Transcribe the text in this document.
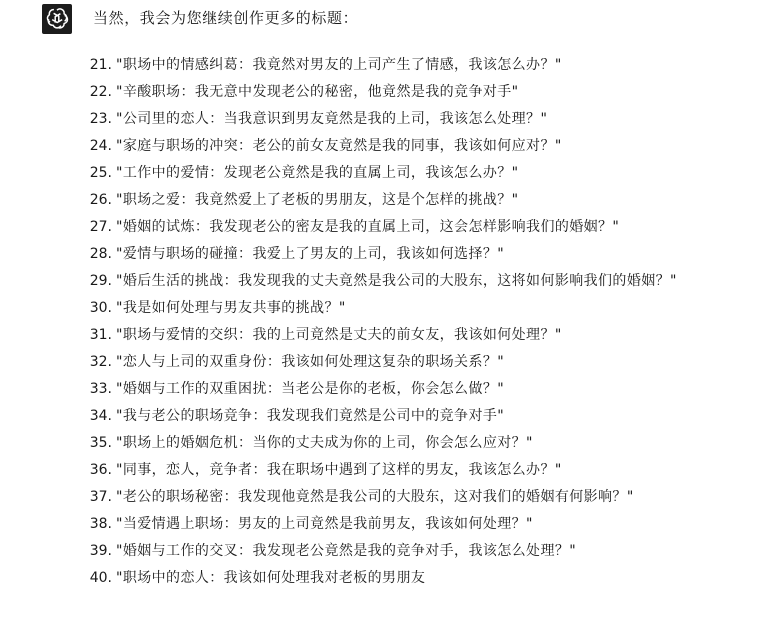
当然，我会为您继续创作更多的标题：
21. "职场中的情感纠葛：我竟然对男友的上司产生了情感，我该怎么办？"
22. "辛酸职场：我无意中发现老公的秘密，他竟然是我的竞争对手"
23. "公司里的恋人：当我意识到男友竟然是我的上司，我该怎么处理？"
24. "家庭与职场的冲突：老公的前女友竟然是我的同事，我该如何应对？"
25. "工作中的爱情：发现老公竟然是我的直属上司，我该怎么办？"
26. "职场之爱：我竟然爱上了老板的男朋友，这是个怎样的挑战？"
27. "婚姻的试炼：我发现老公的密友是我的直属上司，这会怎样影响我们的婚姻？"
28. "爱情与职场的碰撞：我爱上了男友的上司，我该如何选择？"
29. "婚后生活的挑战：我发现我的丈夫竟然是我公司的大股东，这将如何影响我们的婚姻？"
30. "我是如何处理与男友共事的挑战？"
31. "职场与爱情的交织：我的上司竟然是丈夫的前女友，我该如何处理？"
32. "恋人与上司的双重身份：我该如何处理这复杂的职场关系？"
33. "婚姻与工作的双重困扰：当老公是你的老板，你会怎么做？"
34. "我与老公的职场竞争：我发现我们竟然是公司中的竞争对手"
35. "职场上的婚姻危机：当你的丈夫成为你的上司，你会怎么应对？"
36. "同事，恋人，竞争者：我在职场中遇到了这样的男友，我该怎么办？"
37. "老公的职场秘密：我发现他竟然是我公司的大股东，这对我们的婚姻有何影响？"
38. "当爱情遇上职场：男友的上司竟然是我前男友，我该如何处理？"
39. "婚姻与工作的交叉：我发现老公竟然是我的竞争对手，我该怎么处理？"
40. "职场中的恋人：我该如何处理我对老板的男朋友
